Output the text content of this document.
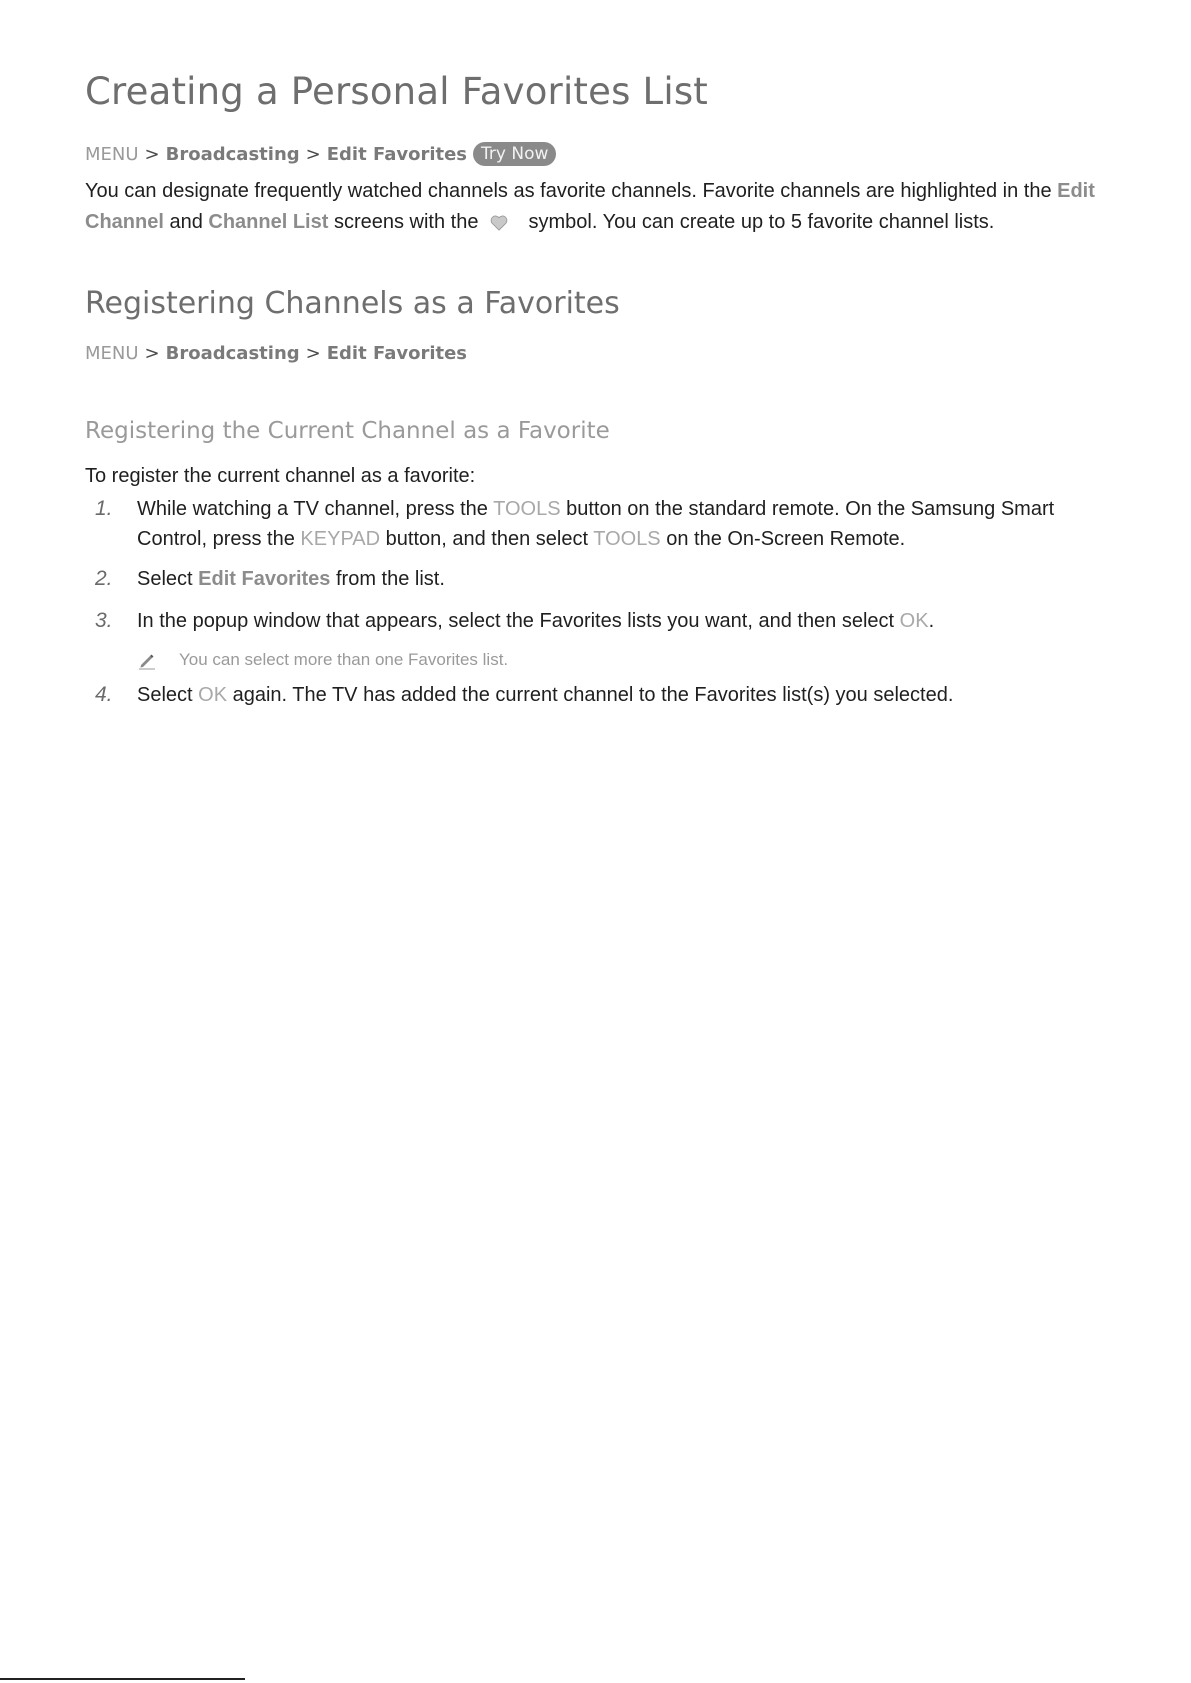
Creating a Personal Favorites List
MENU > Broadcasting > Edit Favorites Try Now

You can designate frequently watched channels as favorite channels. Favorite channels are highlighted in the Edit Channel and Channel List screens with the	symbol. You can create up to 5 favorite channel lists.

Registering Channels as a Favorites
MENU > Broadcasting > Edit Favorites
Registering the Current Channel as a Favorite

To register the current channel as a favorite:

1. While watching a TV channel, press the TOOLS button on the standard remote. On the Samsung Smart Control, press the KEYPAD button, and then select TOOLS on the On-Screen Remote.
2. Select Edit Favorites from the list.
3. In the popup window that appears, select the Favorites lists you want, and then select OK.
You can select more than one Favorites list.
4. Select OK again. The TV has added the current channel to the Favorites list(s) you selected.
